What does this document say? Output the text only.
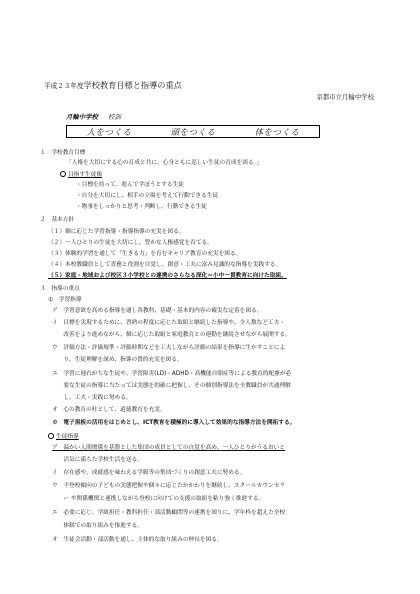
平成２３年度学校教育目標と指導の重点
京都市立月輪中学校
月輪中学校 校訓
人をつくる	頭をつくる	体をつくる
１　学校教育目標
「人権を大切にする心の育成と共に、心身ともに逞しい生徒の育成を図る。」
目指す生徒像
・目標を持って、進んで学ぼうとする生徒
・自分を大切にし、相手の立場を考えて行動できる生徒
・物事をしっかりと思考・判断し、行動できる生徒
２　基本方針
（１）個に応じた学習指導・指導指導の充実を図る。
（２）一人ひとりの生徒を大切にし、豊かな人権感覚を育てる。
（３）体験的学習を通して「生きる力」を育むキャリア教育の充実を図る。
（４）本校教職員として責務と役割を自覚し、創意・工夫に富み見識的な指導を実践する。
（５）家庭・地域および校区３小学校との連携のさらなる深化＝小中一貫教育に向けた取組。
３　指導の重点
①　学習指導
ア　学習意欲を高める指導を通し各教科、基礎・基本的内容の確実な定着を図る。
イ　目標を実現するために、習熟の程度に応じた取組と継続した指導や、少人数など工夫・
　　改善をより進めながら、個に応じた取組と家庭教育との連動を継続させながら展開する。
ウ　評価方法・評価規準・評価時期などを工夫しながら評価の結果を指導に生かすことによ
　　り、生徒理解を深め、指導の質的充実を図る。
エ　学習に遅れがちな生徒や、学習障害(LD)・ADHD・高機能自閉症等による教育的配慮が必
　　要な生徒の指導に当たっては実態を的確に把握し、その個別指導法を全教職員が共通理解
　　し、工夫・実践に努める。
オ　心の教育の柱として、道徳教育を充実。
カ　電子黒板の活用をはじめとし、ICT教育を積極的に導入して効果的な指導方法を開拓する。
生徒指導
ア　温かい人間関係を基盤とした集団の成員としての自覚を高め、一人ひとりがうるおいと
　　活気に満ちた学校生活を送る。
イ　存在感や、成就感を味わえる学級等の集団づくりの創意工夫に努める。
ウ　不登校傾向の子どもの実態把握や個々に応じたかかわりを継続し、スクールカウンセラ
　　ー や関係機関と連携しながら登校に向けての支援の取組を粘り強く推進する。
エ　必要に応じ、学級担任・教科担任・部活動顧問等の連携を図りに、学年枠を超えた全校
　　体制での取り組みを推進する。
オ　生徒会活動・部活動を通し、主体的な取り組みの伸長を図る。
